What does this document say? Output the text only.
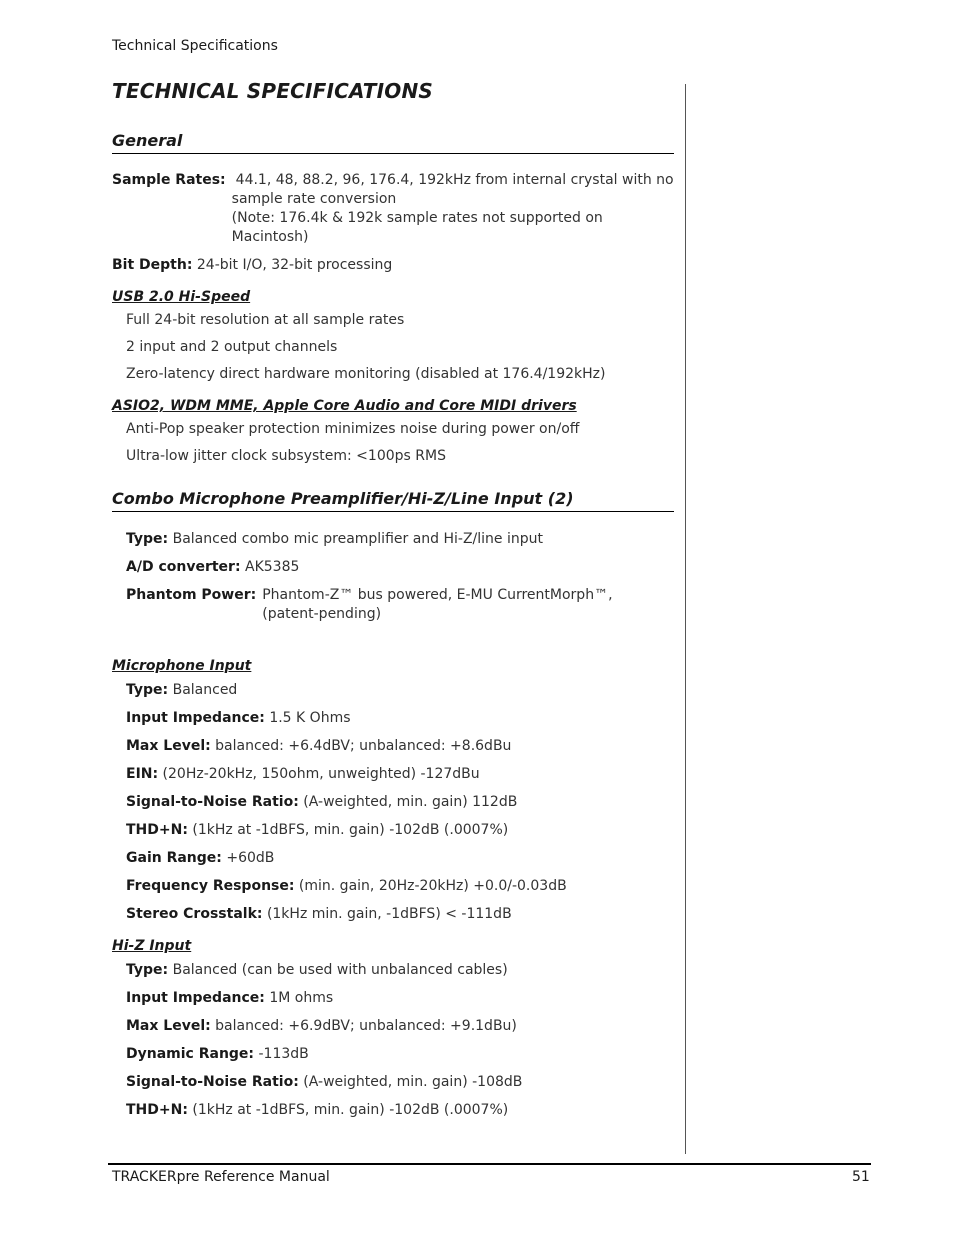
Technical Specifications
TECHNICAL SPECIFICATIONS
General
Sample Rates: 44.1, 48, 88.2, 96, 176.4, 192kHz from internal crystal with no
sample rate conversion
(Note: 176.4k & 192k sample rates not supported on Macintosh)
Bit Depth: 24-bit I/O, 32-bit processing
USB 2.0 Hi-Speed
Full 24-bit resolution at all sample rates
2 input and 2 output channels
Zero-latency direct hardware monitoring (disabled at 176.4/192kHz)
ASIO2, WDM MME, Apple Core Audio and Core MIDI drivers
Anti-Pop speaker protection minimizes noise during power on/off
Ultra-low jitter clock subsystem: <100ps RMS
Combo Microphone Preamplifier/Hi-Z/Line Input (2)
Type: Balanced combo mic preamplifier and Hi-Z/line input
A/D converter: AK5385
Phantom Power: Phantom-Z™ bus powered, E-MU CurrentMorph™,
(patent-pending)
Microphone Input
Type: Balanced
Input Impedance: 1.5 K Ohms
Max Level: balanced: +6.4dBV; unbalanced: +8.6dBu
EIN: (20Hz-20kHz, 150ohm, unweighted) -127dBu
Signal-to-Noise Ratio: (A-weighted, min. gain) 112dB
THD+N: (1kHz at -1dBFS, min. gain) -102dB (.0007%)
Gain Range: +60dB
Frequency Response: (min. gain, 20Hz-20kHz) +0.0/-0.03dB
Stereo Crosstalk: (1kHz min. gain, -1dBFS) < -111dB
Hi-Z Input
Type: Balanced (can be used with unbalanced cables)
Input Impedance: 1M ohms
Max Level: balanced: +6.9dBV; unbalanced: +9.1dBu)
Dynamic Range: -113dB
Signal-to-Noise Ratio: (A-weighted, min. gain) -108dB
THD+N: (1kHz at -1dBFS, min. gain) -102dB (.0007%)
TRACKERpre Reference Manual	51
